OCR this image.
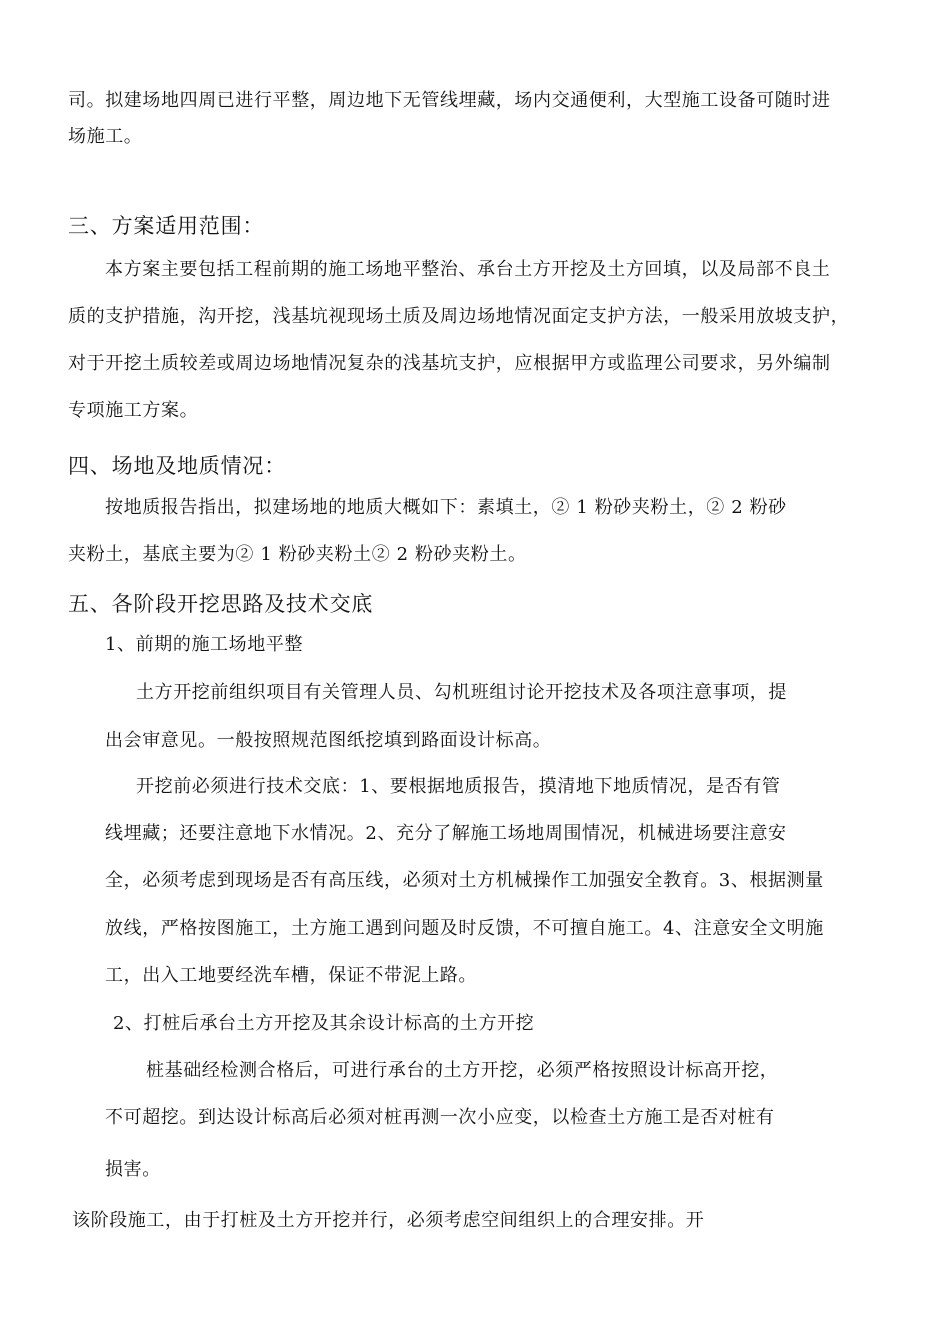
司。拟建场地四周已进行平整，周边地下无管线埋藏，场内交通便利，大型施工设备可随时进
场施工。
三、方案适用范围：
本方案主要包括工程前期的施工场地平整治、承台土方开挖及土方回填，以及局部不良土
质的支护措施，沟开挖，浅基坑视现场土质及周边场地情况面定支护方法，一般采用放坡支护，
对于开挖土质较差或周边场地情况复杂的浅基坑支护，应根据甲方或监理公司要求，另外编制
专项施工方案。
四、场地及地质情况：
按地质报告指出，拟建场地的地质大概如下：素填土，② 1 粉砂夹粉土，② 2 粉砂
夹粉土，基底主要为② 1 粉砂夹粉土② 2 粉砂夹粉土。
五、各阶段开挖思路及技术交底
1、前期的施工场地平整
土方开挖前组织项目有关管理人员、勾机班组讨论开挖技术及各项注意事项，提
出会审意见。一般按照规范图纸挖填到路面设计标高。
开挖前必须进行技术交底：1、要根据地质报告，摸清地下地质情况，是否有管
线埋藏；还要注意地下水情况。2、充分了解施工场地周围情况，机械进场要注意安
全，必须考虑到现场是否有高压线，必须对土方机械操作工加强安全教育。3、根据测量
放线，严格按图施工，土方施工遇到问题及时反馈，不可擅自施工。4、注意安全文明施
工，出入工地要经洗车槽，保证不带泥上路。
2、打桩后承台土方开挖及其余设计标高的土方开挖
桩基础经检测合格后，可进行承台的土方开挖，必须严格按照设计标高开挖，
不可超挖。到达设计标高后必须对桩再测一次小应变，以检查土方施工是否对桩有
损害。
该阶段施工，由于打桩及土方开挖并行，必须考虑空间组织上的合理安排。开
